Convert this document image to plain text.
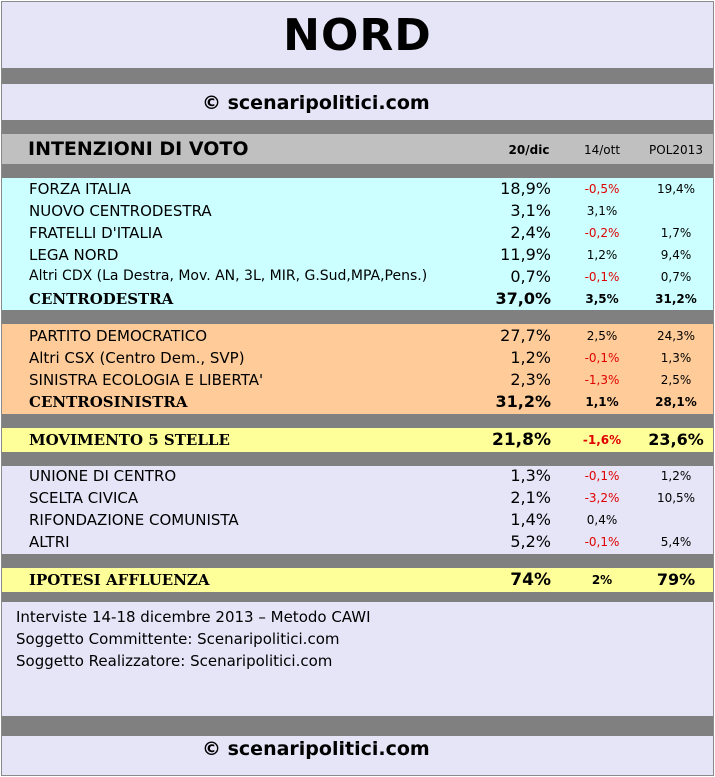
NORD
© scenaripolitici.com
INTENZIONI DI VOTO	20/dic	14/ott	POL2013
FORZA ITALIA	18,9%	-0,5%	19,4%
NUOVO CENTRODESTRA	3,1%	3,1%
FRATELLI D'ITALIA	2,4%	-0,2%	1,7%
LEGA NORD	11,9%	1,2%	9,4%
Altri CDX (La Destra, Mov. AN, 3L, MIR, G.Sud,MPA,Pens.)	0,7%	-0,1%	0,7%
CENTRODESTRA	37,0%	3,5%	31,2%
PARTITO DEMOCRATICO	27,7%	2,5%	24,3%
Altri CSX (Centro Dem., SVP)	1,2%	-0,1%	1,3%
SINISTRA ECOLOGIA E LIBERTA'	2,3%	-1,3%	2,5%
CENTROSINISTRA	31,2%	1,1%	28,1%
MOVIMENTO 5 STELLE	21,8%	-1,6%	23,6%
UNIONE DI CENTRO	1,3%	-0,1%	1,2%
SCELTA CIVICA	2,1%	-3,2%	10,5%
RIFONDAZIONE COMUNISTA	1,4%	0,4%
ALTRI	5,2%	-0,1%	5,4%
IPOTESI AFFLUENZA	74%	2%	79%
Interviste 14-18 dicembre 2013 – Metodo CAWI
Soggetto Committente: Scenaripolitici.com
Soggetto Realizzatore: Scenaripolitici.com
© scenaripolitici.com
